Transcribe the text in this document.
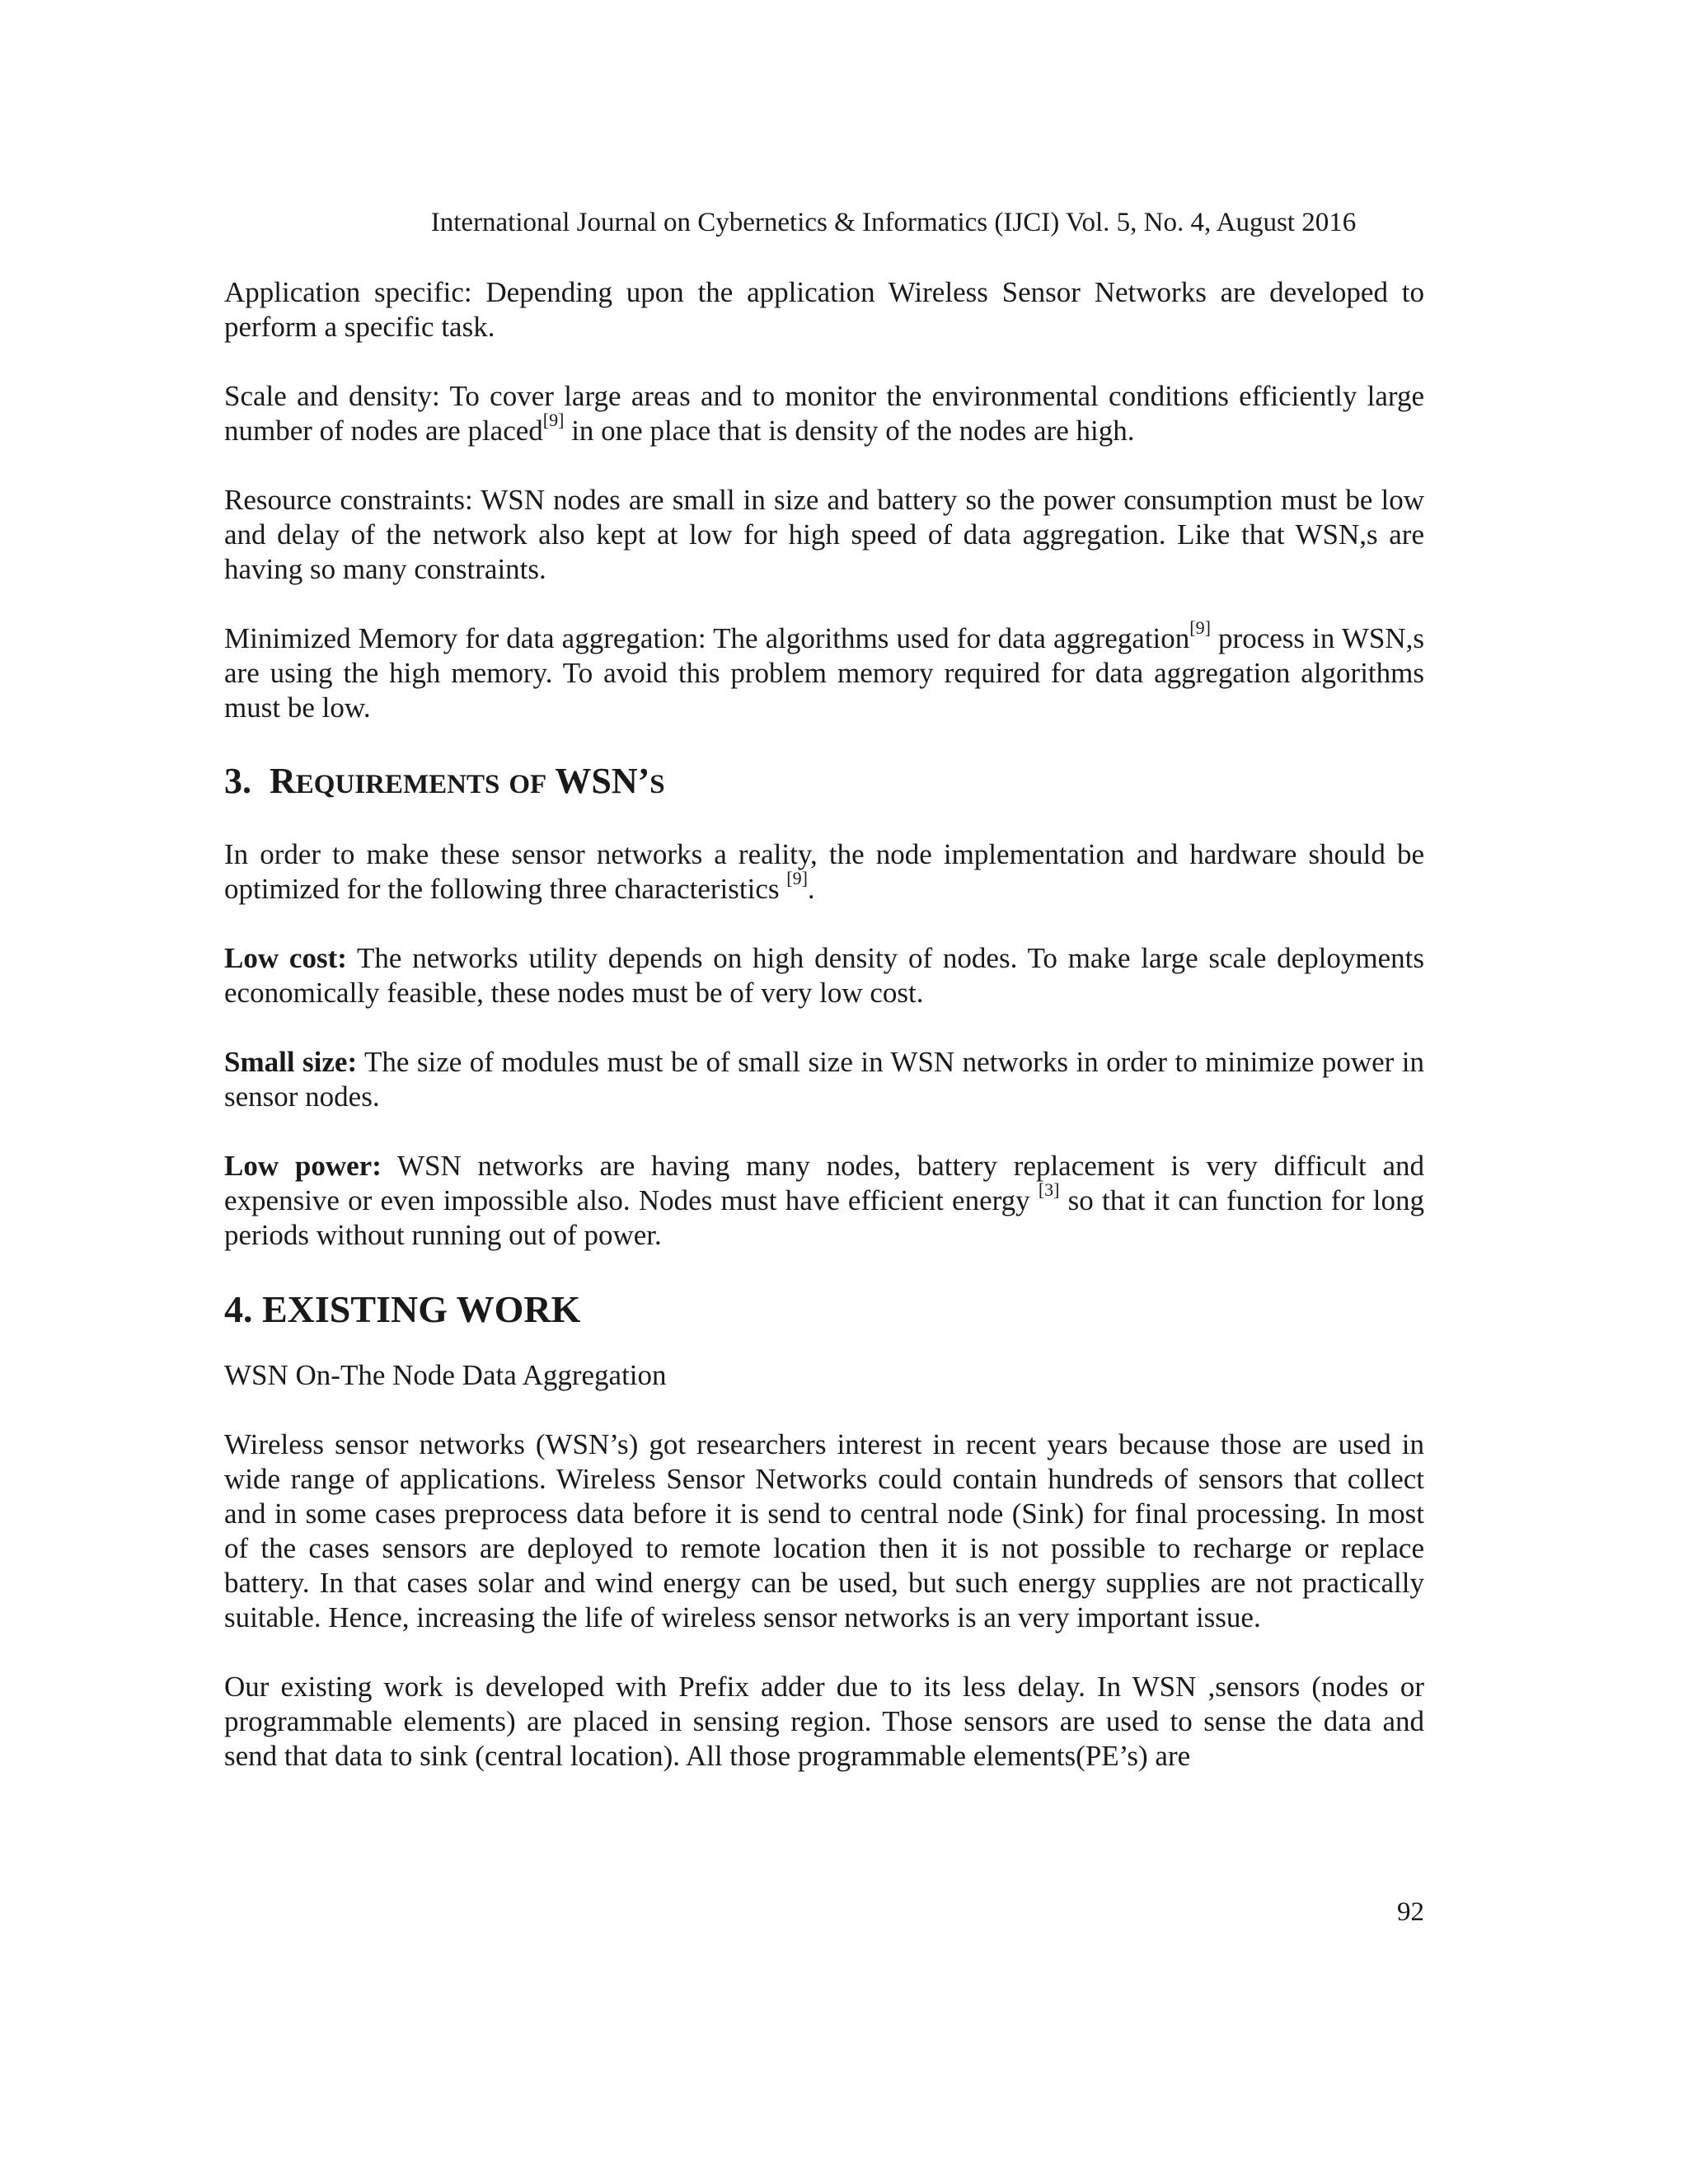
International Journal on Cybernetics & Informatics (IJCI) Vol. 5, No. 4, August 2016

Application specific: Depending upon the application Wireless Sensor Networks are developed to perform a specific task.

Scale and density: To cover large areas and to monitor the environmental conditions efficiently large number of nodes are placed[9] in one place that is density of the nodes are high.

Resource constraints: WSN nodes are small in size and battery so the power consumption must be low and delay of the network also kept at low for high speed of data aggregation. Like that WSN,s are having so many constraints.

Minimized Memory for data aggregation: The algorithms used for data aggregation[9] process in WSN,s are using the high memory. To avoid this problem memory required for data aggregation algorithms must be low.

3. REQUIREMENTS OF WSN’S

In order to make these sensor networks a reality, the node implementation and hardware should be optimized for the following three characteristics [9].

Low cost: The networks utility depends on high density of nodes. To make large scale deployments economically feasible, these nodes must be of very low cost.

Small size: The size of modules must be of small size in WSN networks in order to minimize power in sensor nodes.

Low power: WSN networks are having many nodes, battery replacement is very difficult and expensive or even impossible also. Nodes must have efficient energy [3] so that it can function for long periods without running out of power.

4. EXISTING WORK

WSN On-The Node Data Aggregation

Wireless sensor networks (WSN’s) got researchers interest in recent years because those are used in wide range of applications. Wireless Sensor Networks could contain hundreds of sensors that collect and in some cases preprocess data before it is send to central node (Sink) for final processing. In most of the cases sensors are deployed to remote location then it is not possible to recharge or replace battery. In that cases solar and wind energy can be used, but such energy supplies are not practically suitable. Hence, increasing the life of wireless sensor networks is an very important issue.

Our existing work is developed with Prefix adder due to its less delay. In WSN ,sensors (nodes or programmable elements) are placed in sensing region. Those sensors are used to sense the data and send that data to sink (central location). All those programmable elements(PE’s) are

92
